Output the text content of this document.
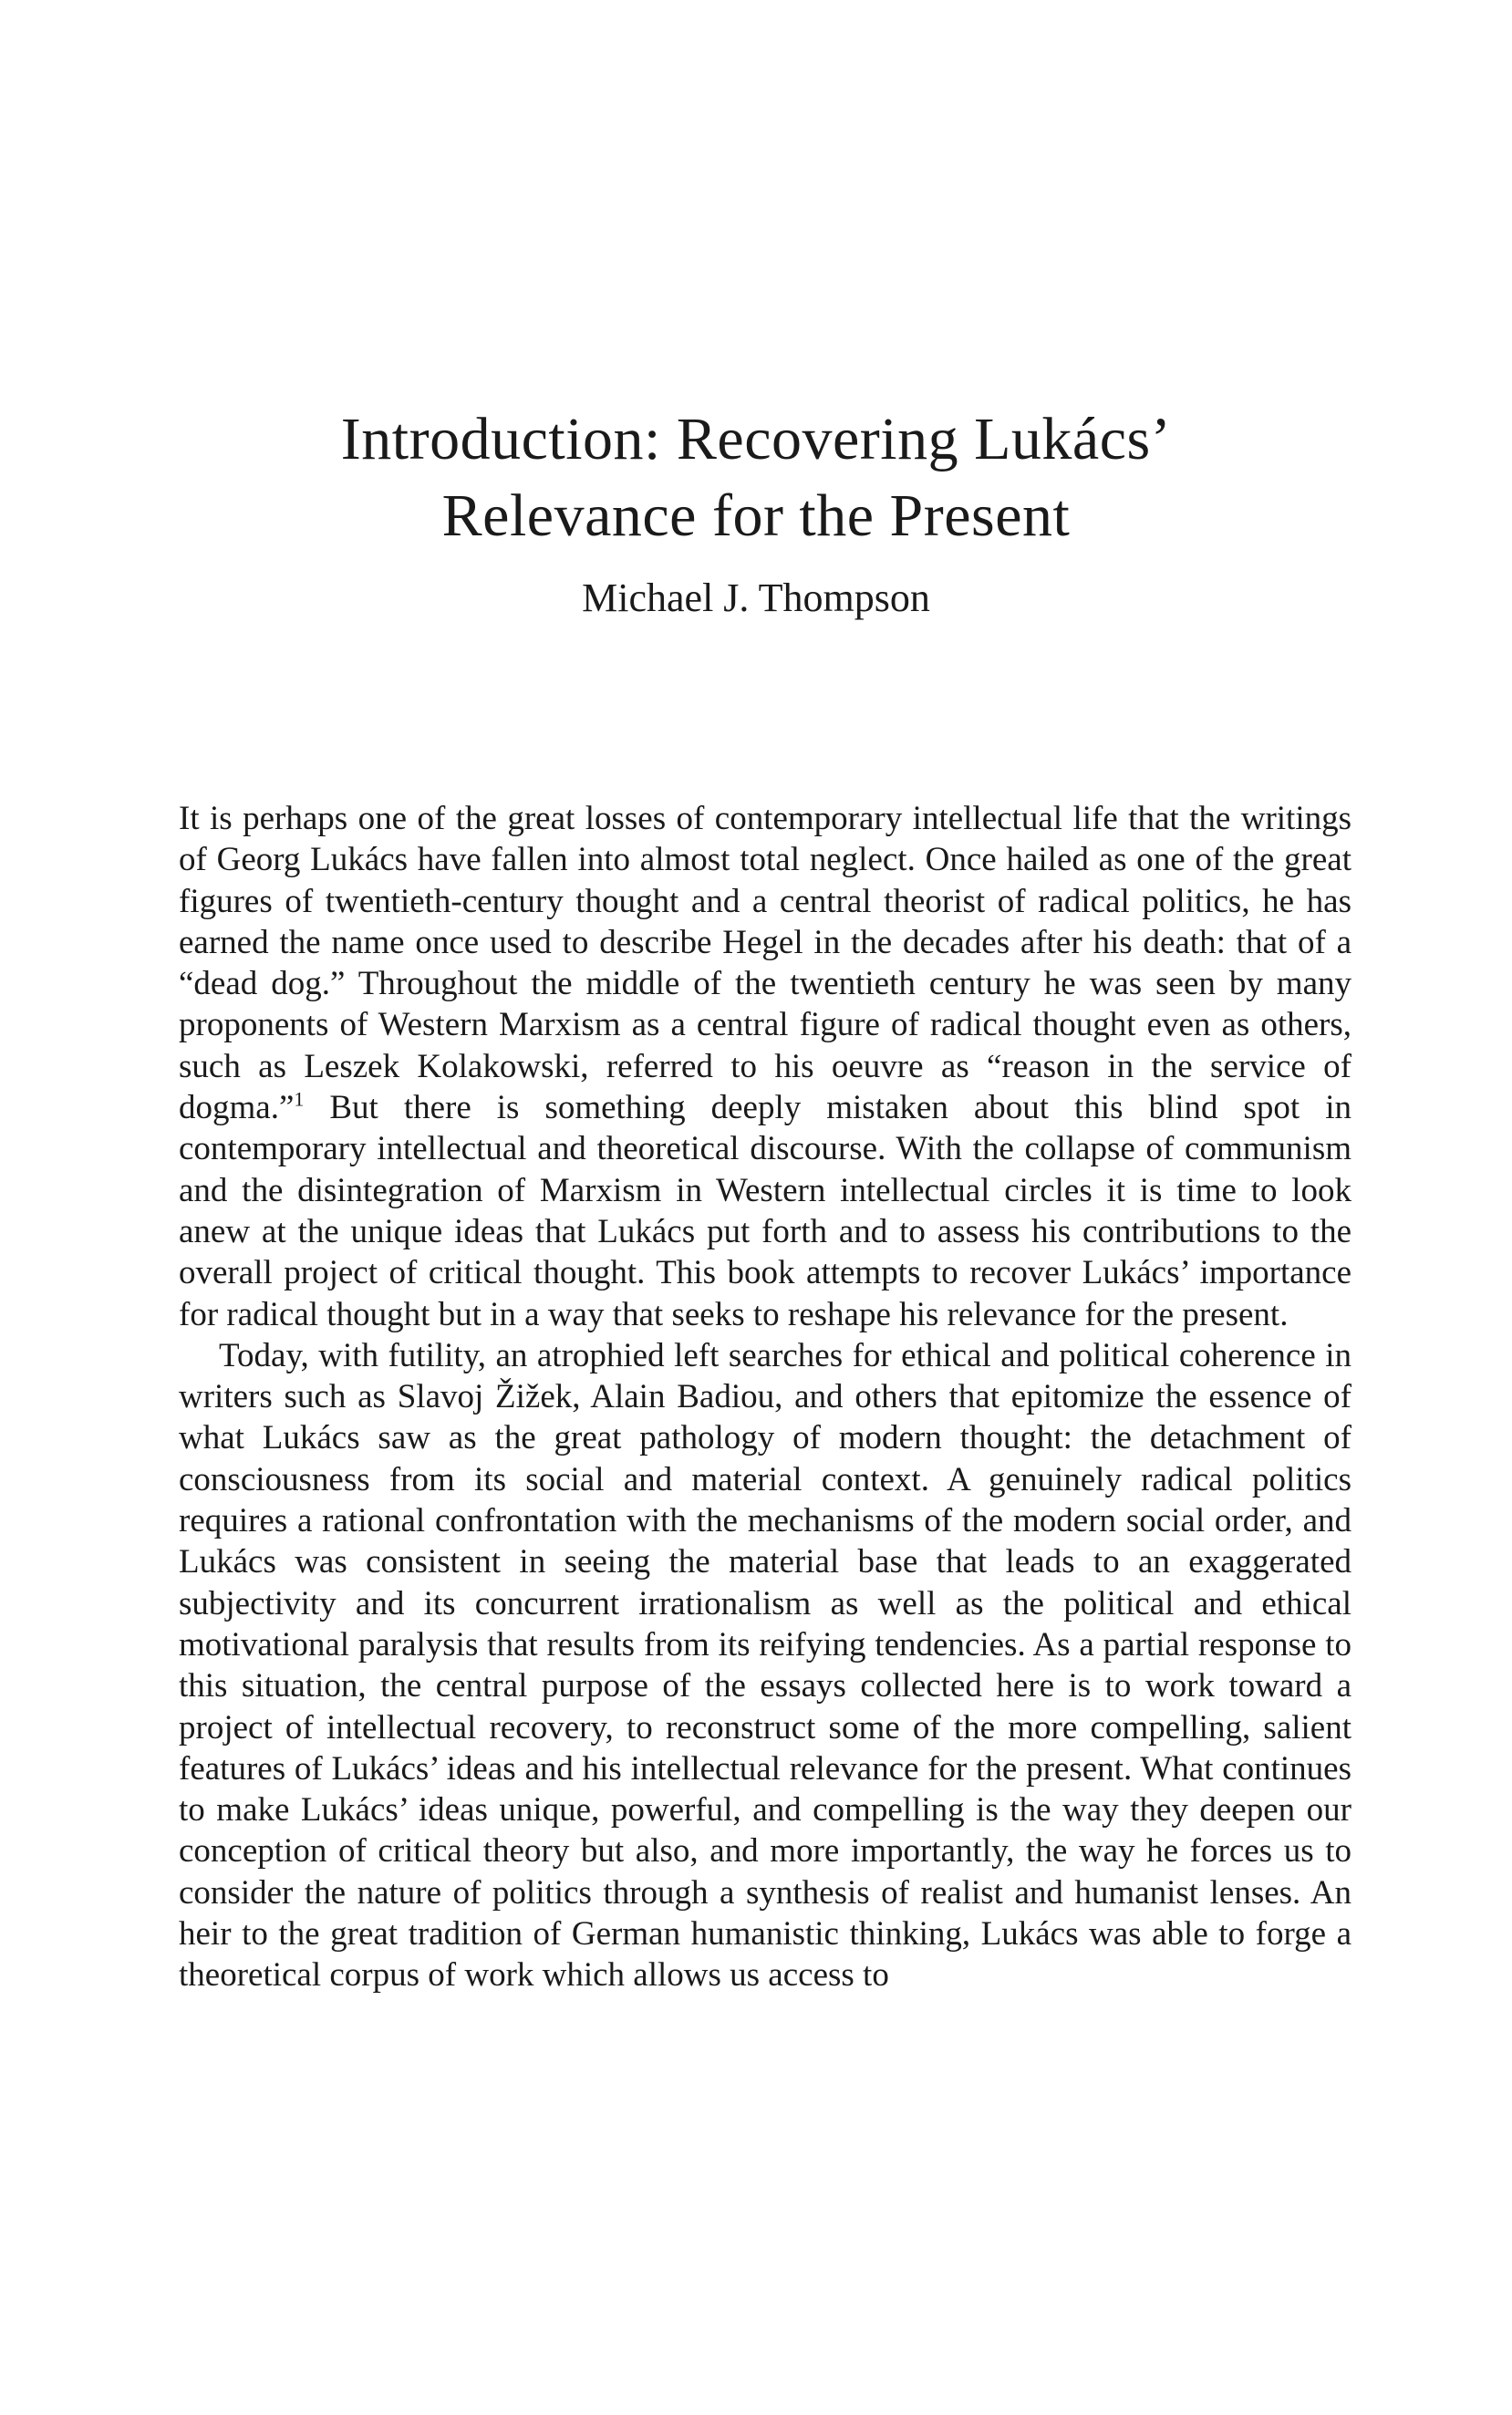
Introduction: Recovering Lukács’
Relevance for the Present
Michael J. Thompson

It is perhaps one of the great losses of contemporary intellectual life that the writings of Georg Lukács have fallen into almost total neglect. Once hailed as one of the great figures of twentieth-century thought and a central theorist of radical politics, he has earned the name once used to describe Hegel in the decades after his death: that of a “dead dog.” Throughout the middle of the twentieth century he was seen by many proponents of Western Marxism as a central figure of radical thought even as others, such as Leszek Kolakowski, referred to his oeuvre as “reason in the service of dogma.”$^1$ But there is something deeply mistaken about this blind spot in contemporary intellectual and theoretical discourse. With the collapse of communism and the disintegration of Marxism in Western intellectual circles it is time to look anew at the unique ideas that Lukács put forth and to assess his contributions to the overall project of critical thought. This book attempts to recover Lukács’ importance for radical thought but in a way that seeks to reshape his relevance for the present.

Today, with futility, an atrophied left searches for ethical and political coherence in writers such as Slavoj Žižek, Alain Badiou, and others that epitomize the essence of what Lukács saw as the great pathology of modern thought: the detachment of consciousness from its social and material context. A genuinely radical politics requires a rational confrontation with the mechanisms of the modern social order, and Lukács was consistent in seeing the material base that leads to an exaggerated subjectivity and its concurrent irrationalism as well as the political and ethical motivational paralysis that results from its reifying tendencies. As a partial response to this situation, the central purpose of the essays collected here is to work toward a project of intellectual recovery, to reconstruct some of the more compelling, salient features of Lukács’ ideas and his intellectual relevance for the present. What continues to make Lukács’ ideas unique, powerful, and compelling is the way they deepen our conception of critical theory but also, and more importantly, the way he forces us to consider the nature of politics through a synthesis of realist and humanist lenses. An heir to the great tradition of German humanistic thinking, Lukács was able to forge a theoretical corpus of work which allows us access to
